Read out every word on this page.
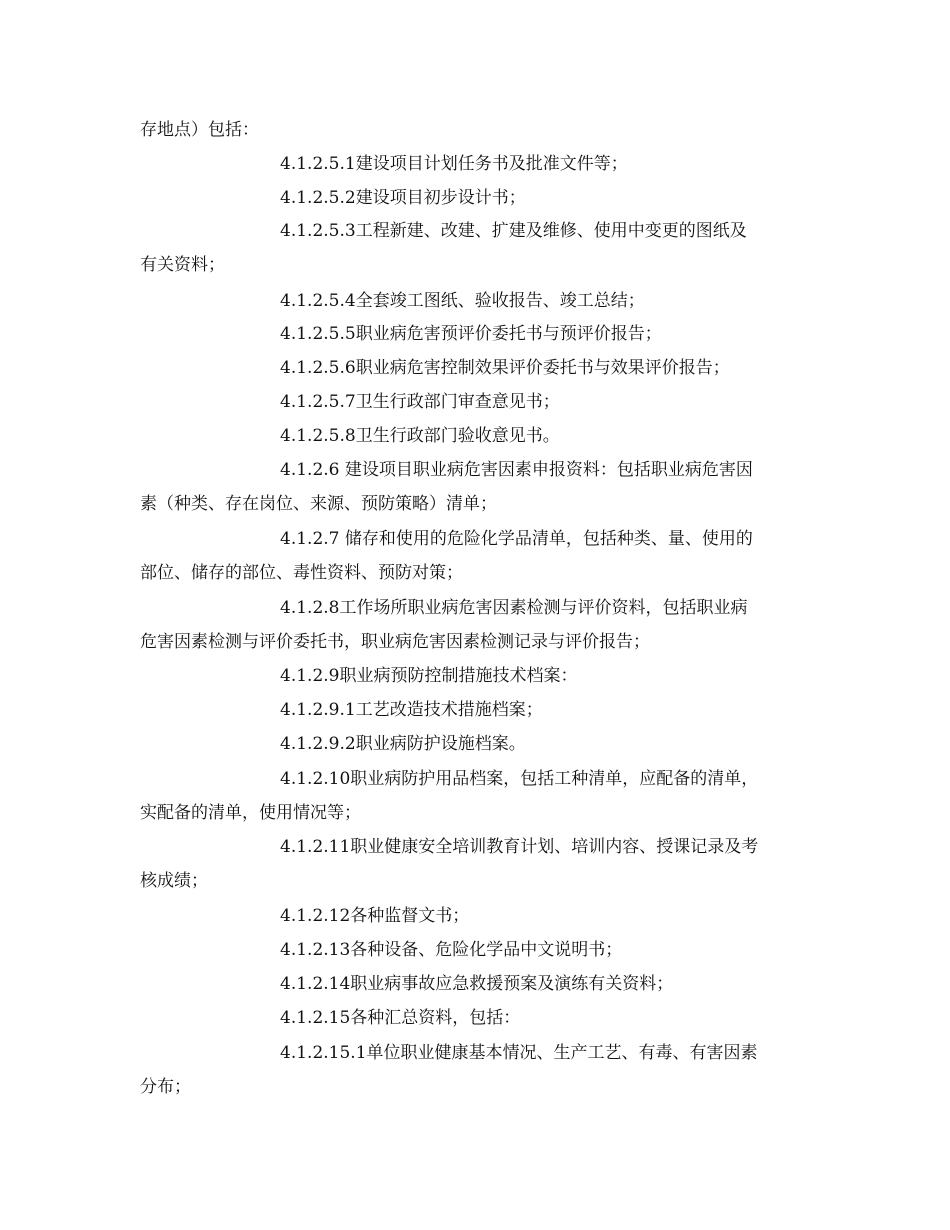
存地点）包括：
4.1.2.5.1建设项目计划任务书及批准文件等；
4.1.2.5.2建设项目初步设计书；
4.1.2.5.3工程新建、改建、扩建及维修、使用中变更的图纸及
有关资料；
4.1.2.5.4全套竣工图纸、验收报告、竣工总结；
4.1.2.5.5职业病危害预评价委托书与预评价报告；
4.1.2.5.6职业病危害控制效果评价委托书与效果评价报告；
4.1.2.5.7卫生行政部门审查意见书；
4.1.2.5.8卫生行政部门验收意见书。
4.1.2.6 建设项目职业病危害因素申报资料：包括职业病危害因
素（种类、存在岗位、来源、预防策略）清单；
4.1.2.7 储存和使用的危险化学品清单，包括种类、量、使用的
部位、储存的部位、毒性资料、预防对策；
4.1.2.8工作场所职业病危害因素检测与评价资料，包括职业病
危害因素检测与评价委托书，职业病危害因素检测记录与评价报告；
4.1.2.9职业病预防控制措施技术档案：
4.1.2.9.1工艺改造技术措施档案；
4.1.2.9.2职业病防护设施档案。
4.1.2.10职业病防护用品档案，包括工种清单，应配备的清单，
实配备的清单，使用情况等；
4.1.2.11职业健康安全培训教育计划、培训内容、授课记录及考
核成绩；
4.1.2.12各种监督文书；
4.1.2.13各种设备、危险化学品中文说明书；
4.1.2.14职业病事故应急救援预案及演练有关资料；
4.1.2.15各种汇总资料，包括：
4.1.2.15.1单位职业健康基本情况、生产工艺、有毒、有害因素
分布；
